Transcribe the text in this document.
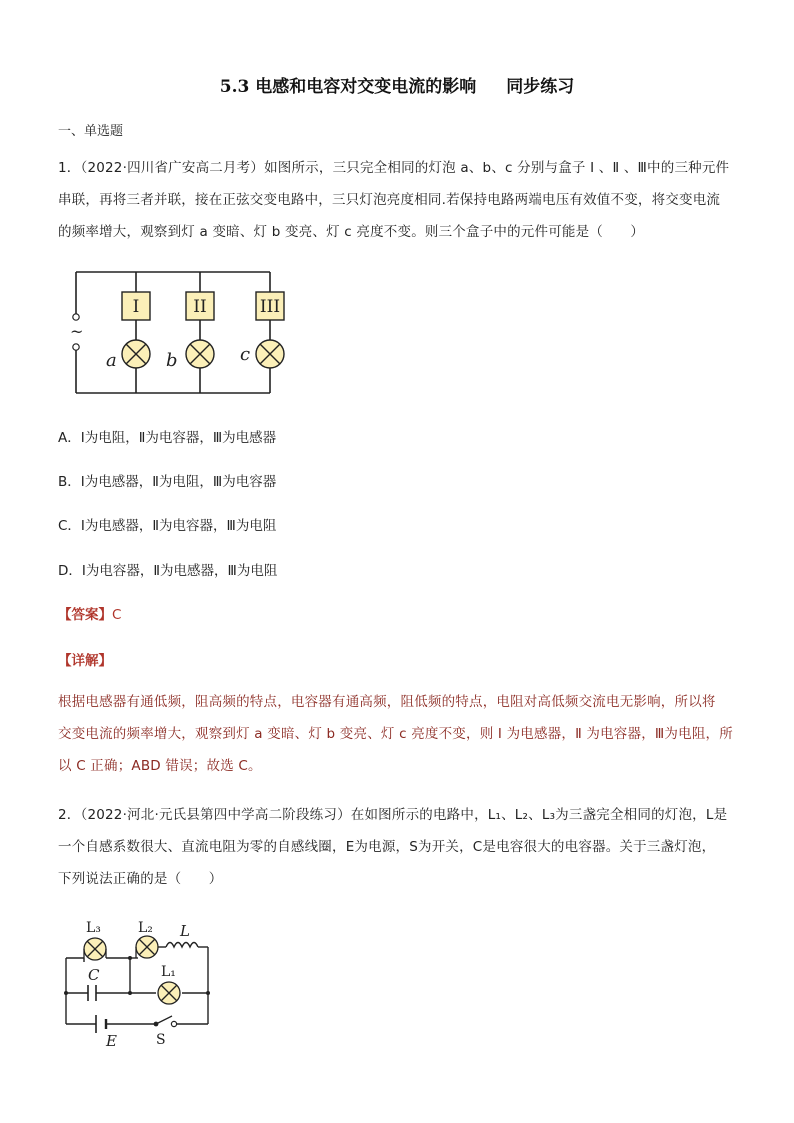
5.3 电感和电容对交变电流的影响 同步练习
一、单选题
1．（2022·四川省广安高二月考）如图所示，三只完全相同的灯泡 a、b、c 分别与盒子 Ⅰ 、Ⅱ 、Ⅲ中的三种元件
串联，再将三者并联，接在正弦交变电路中，三只灯泡亮度相同.若保持电路两端电压有效值不变，将交变电流
的频率增大，观察到灯 a 变暗、灯 b 变亮、灯 c 亮度不变。则三个盒子中的元件可能是（　　）
~
I	II	III
a	b	c
A．Ⅰ为电阻，Ⅱ为电容器，Ⅲ为电感器
B．Ⅰ为电感器，Ⅱ为电阻，Ⅲ为电容器
C．Ⅰ为电感器，Ⅱ为电容器，Ⅲ为电阻
D．Ⅰ为电容器，Ⅱ为电感器，Ⅲ为电阻
【答案】C
【详解】
根据电感器有通低频，阻高频的特点，电容器有通高频，阻低频的特点，电阻对高低频交流电无影响，所以将
交变电流的频率增大，观察到灯 a 变暗、灯 b 变亮、灯 c 亮度不变，则 Ⅰ 为电感器，Ⅱ 为电容器，Ⅲ为电阻，所
以 C 正确；ABD 错误；故选 C。
2．（2022·河北·元氏县第四中学高二阶段练习）在如图所示的电路中，L₁、L₂、L₃为三盏完全相同的灯泡，L是
一个自感系数很大、直流电阻为零的自感线圈，E为电源，S为开关，C是电容很大的电容器。关于三盏灯泡，
下列说法正确的是（　　）
L₃	L₂ L
C	L₁
E	S
